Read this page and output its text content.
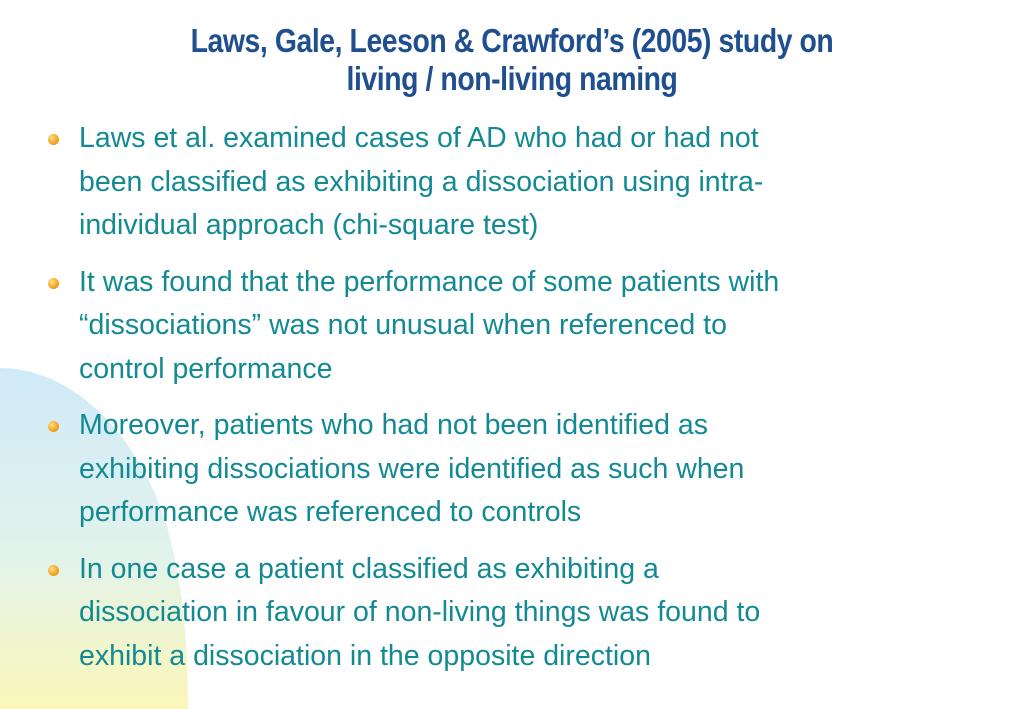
Laws, Gale, Leeson & Crawford’s (2005) study on
living / non-living naming
Laws et al. examined cases of AD who had or had not
been classified as exhibiting a dissociation using intra-
individual approach (chi-square test)
It was found that the performance of some patients with
“dissociations” was not unusual when referenced to
control performance
Moreover, patients who had not been identified as
exhibiting dissociations were identified as such when
performance was referenced to controls
In one case a patient classified as exhibiting a
dissociation in favour of non-living things was found to
exhibit a dissociation in the opposite direction
